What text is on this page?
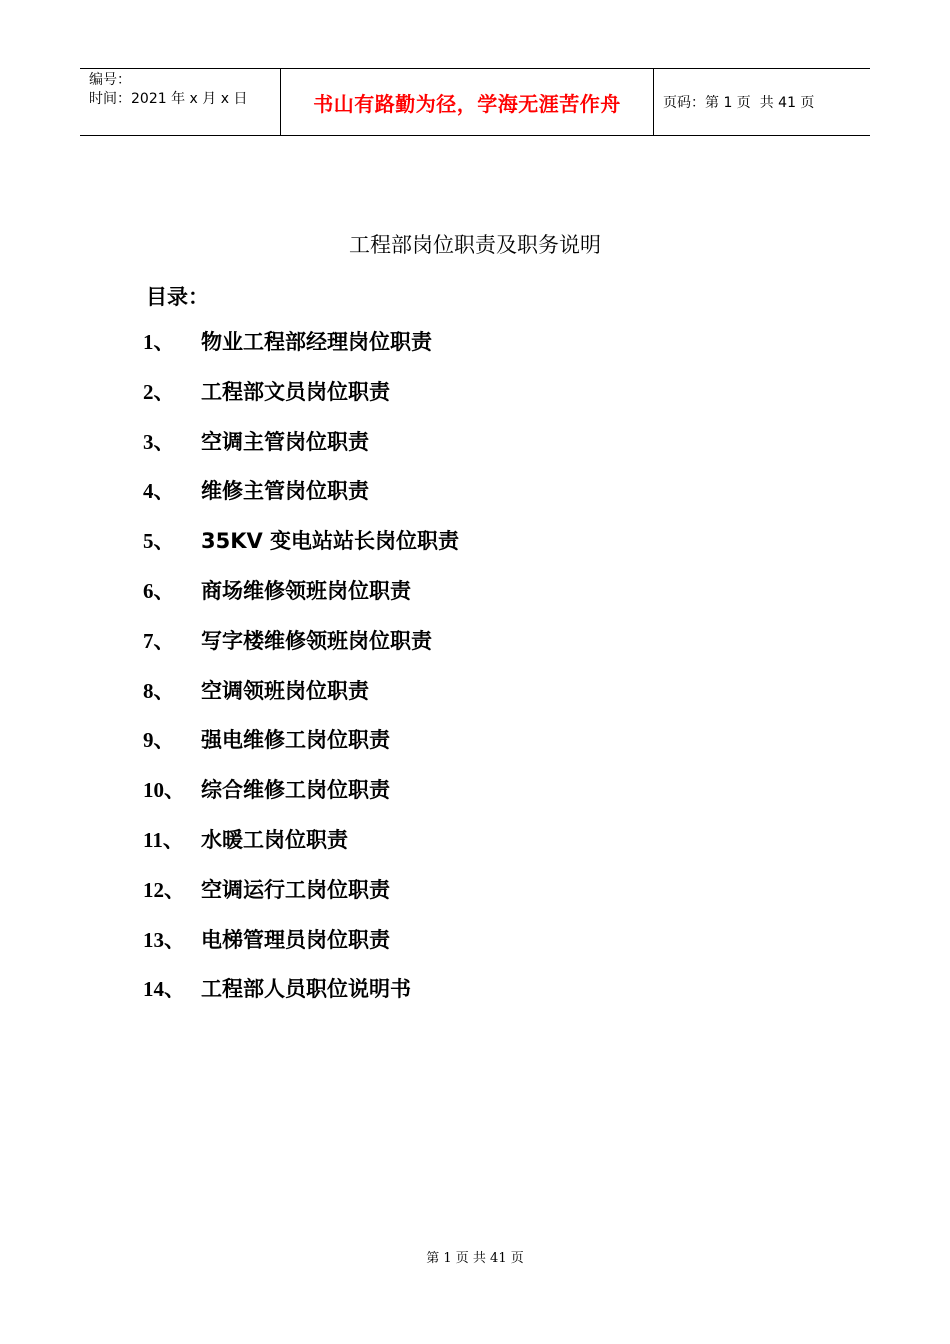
编号：
时间：2021 年 x 月 x 日	书山有路勤为径，学海无涯苦作舟	页码：第 1 页  共 41 页
工程部岗位职责及职务说明
目录：
1、	物业工程部经理岗位职责
2、	工程部文员岗位职责
3、	空调主管岗位职责
4、	维修主管岗位职责
5、	35KV 变电站站长岗位职责
6、	商场维修领班岗位职责
7、	写字楼维修领班岗位职责
8、	空调领班岗位职责
9、	强电维修工岗位职责
10、 综合维修工岗位职责
11、 水暖工岗位职责
12、 空调运行工岗位职责
13、 电梯管理员岗位职责
14、 工程部人员职位说明书
第 1 页 共 41 页
